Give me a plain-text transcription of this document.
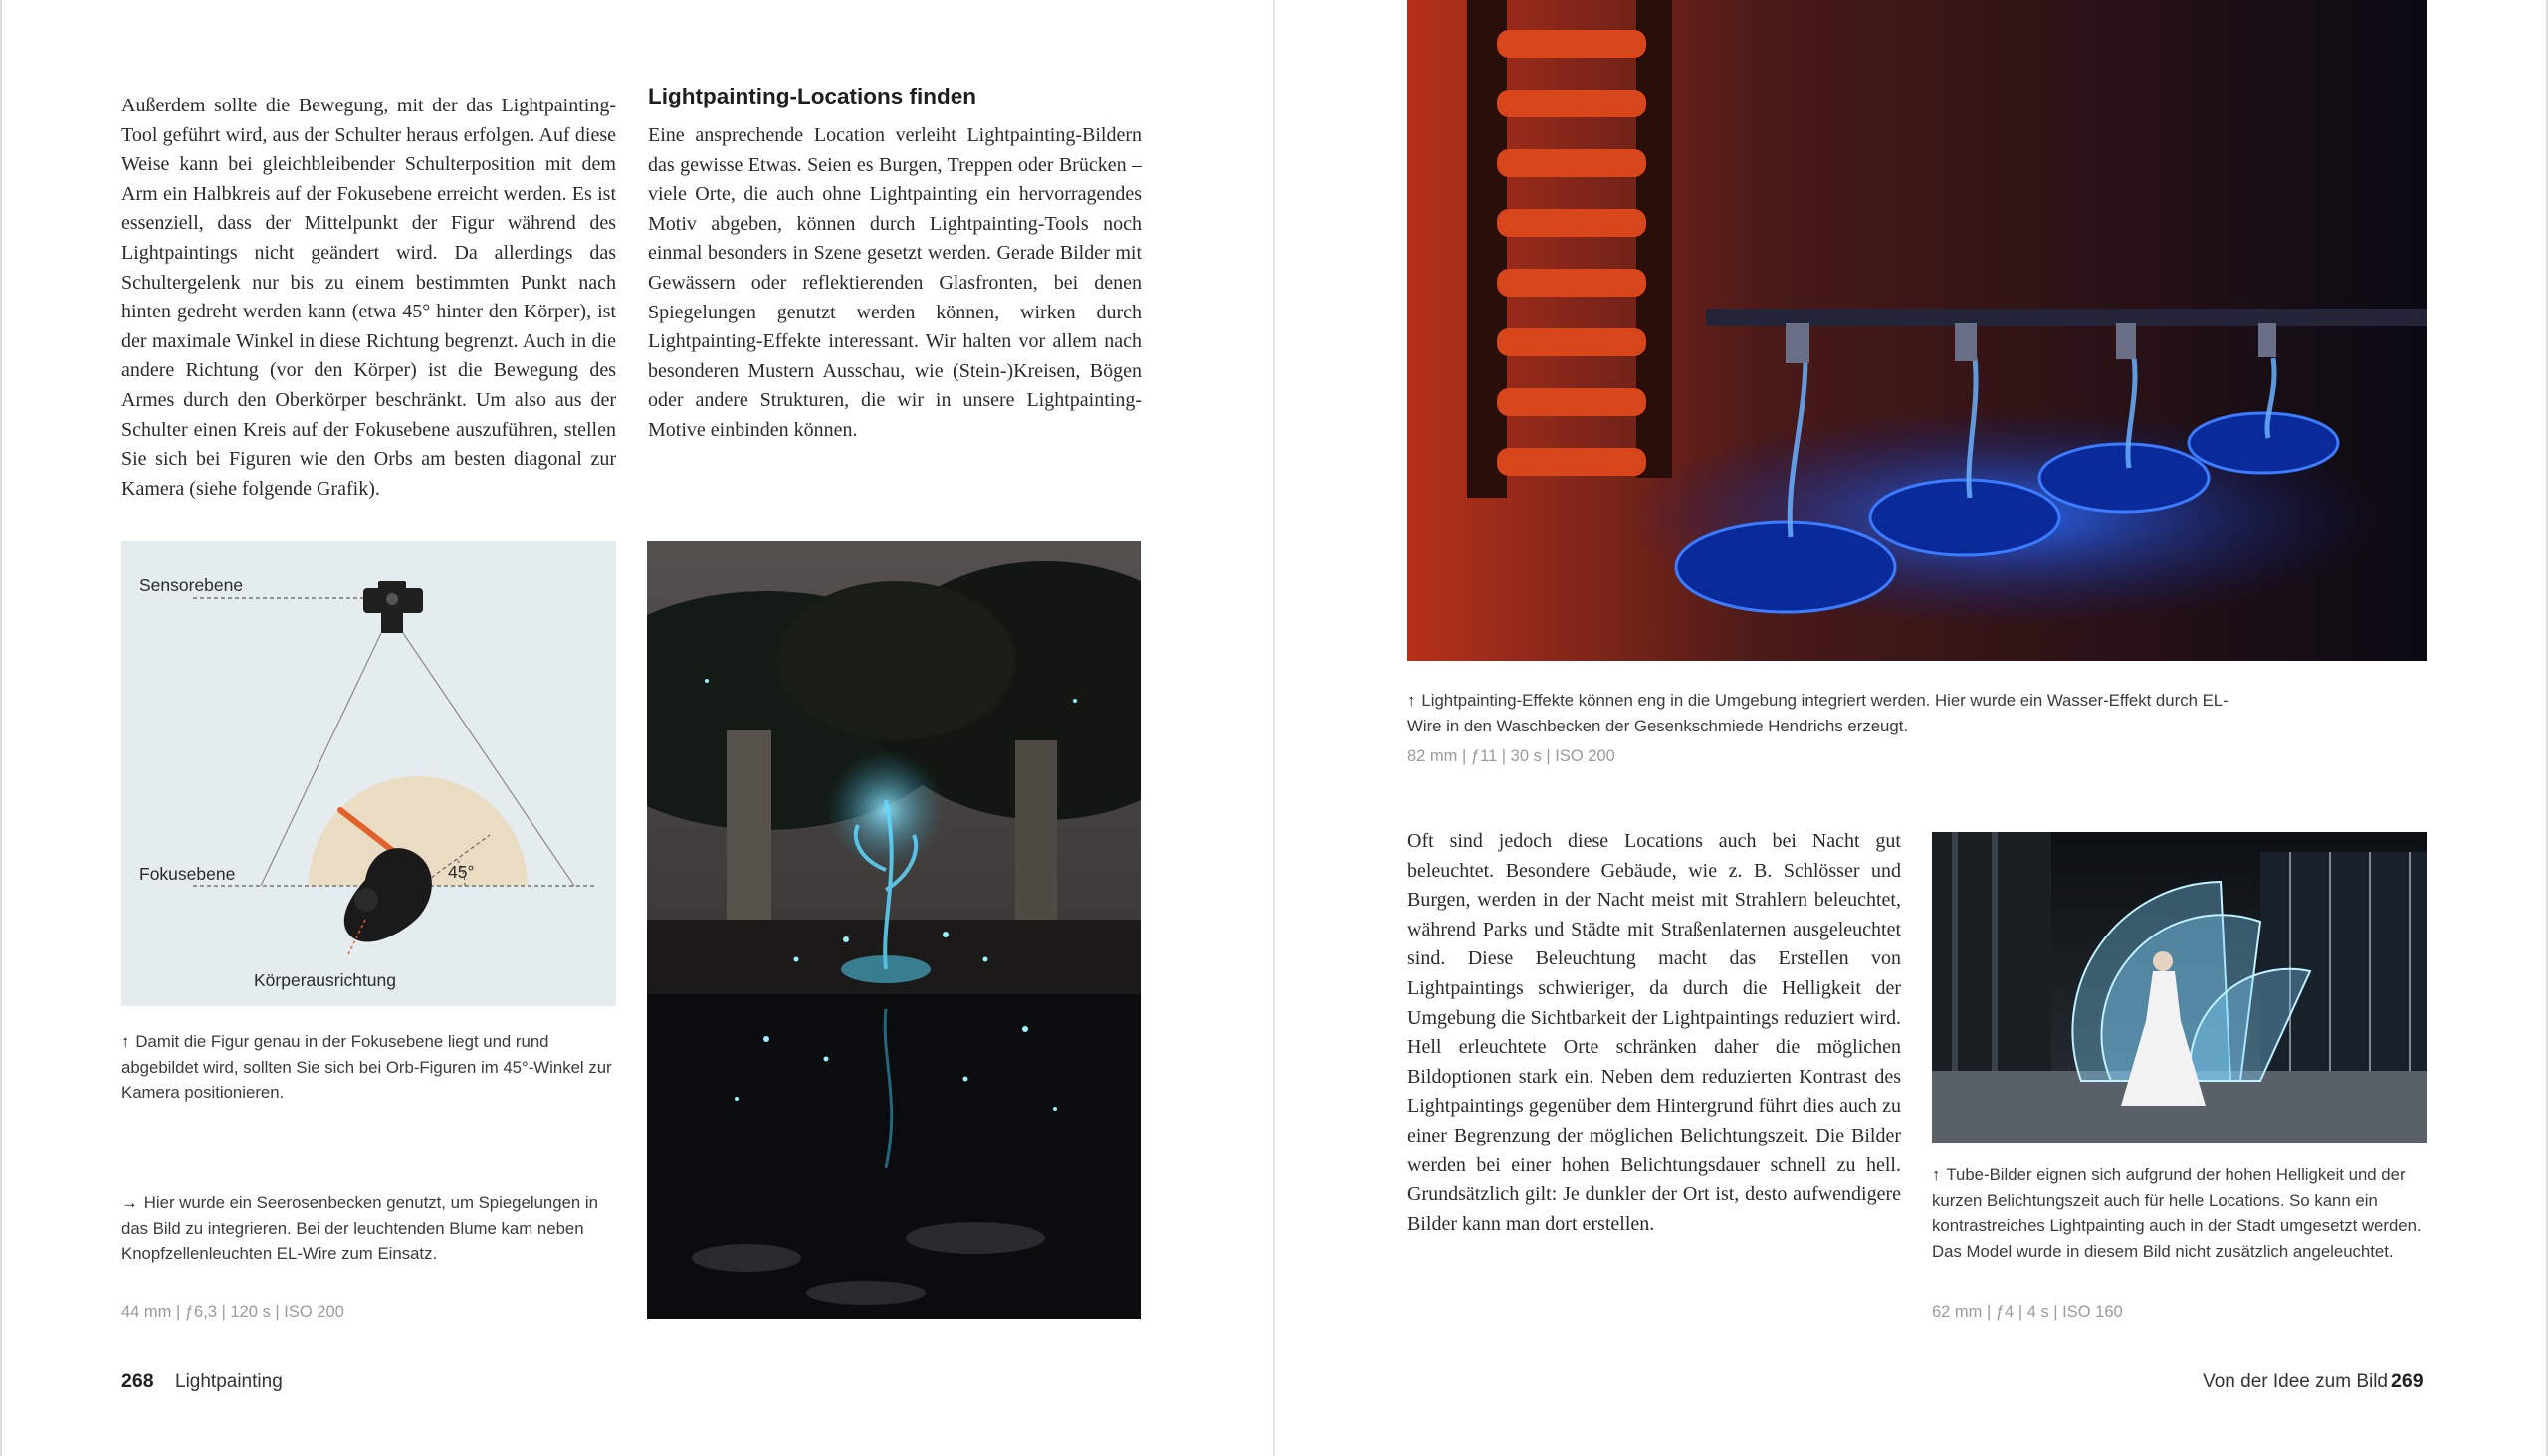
Außerdem sollte die Bewegung, mit der das Lightpainting-Tool geführt wird, aus der Schulter heraus erfolgen. Auf diese Weise kann bei gleichbleibender Schulterposition mit dem Arm ein Halbkreis auf der Fokusebene erreicht werden. Es ist essenziell, dass der Mittelpunkt der Figur während des Lightpaintings nicht geändert wird. Da allerdings das Schultergelenk nur bis zu einem bestimmten Punkt nach hinten gedreht werden kann (etwa 45° hinter den Körper), ist der maximale Winkel in diese Richtung begrenzt. Auch in die andere Richtung (vor den Körper) ist die Bewegung des Armes durch den Oberkörper beschränkt. Um also aus der Schulter einen Kreis auf der Fokusebene auszuführen, stellen Sie sich bei Figuren wie den Orbs am besten diagonal zur Kamera (siehe folgende Grafik).

Lightpainting-Locations finden

Eine ansprechende Location verleiht Lightpainting-Bildern das gewisse Etwas. Seien es Burgen, Treppen oder Brücken – viele Orte, die auch ohne Lightpainting ein hervorragendes Motiv abgeben, können durch Lightpainting-Tools noch einmal besonders in Szene gesetzt werden. Gerade Bilder mit Gewässern oder reflektierenden Glasfronten, bei denen Spiegelungen genutzt werden können, wirken durch Lightpainting-Effekte interessant. Wir halten vor allem nach besonderen Mustern Ausschau, wie (Stein-)Kreisen, Bögen oder andere Strukturen, die wir in unsere Lightpainting-Motive einbinden können.

Sensorebene
Fokusebene	45°
Körperausrichtung

↑ Damit die Figur genau in der Fokusebene liegt und rund abgebildet wird, sollten Sie sich bei Orb-Figuren im 45°-Winkel zur Kamera positionieren.

→ Hier wurde ein Seerosenbecken genutzt, um Spiegelungen in das Bild zu integrieren. Bei der leuchtenden Blume kam neben Knopfzellenleuchten EL-Wire zum Einsatz.

44 mm | ƒ6,3 | 120 s | ISO 200

268 Lightpainting

↑ Lightpainting-Effekte können eng in die Umgebung integriert werden. Hier wurde ein Wasser-Effekt durch EL-Wire in den Waschbecken der Gesenkschmiede Hendrichs erzeugt.

82 mm | ƒ11 | 30 s | ISO 200

Oft sind jedoch diese Locations auch bei Nacht gut beleuchtet. Besondere Gebäude, wie z. B. Schlösser und Burgen, werden in der Nacht meist mit Strahlern beleuchtet, während Parks und Städte mit Straßenlaternen ausgeleuchtet sind. Diese Beleuchtung macht das Erstellen von Lightpaintings schwieriger, da durch die Helligkeit der Umgebung die Sichtbarkeit der Lightpaintings reduziert wird. Hell erleuchtete Orte schränken daher die möglichen Bildoptionen stark ein. Neben dem reduzierten Kontrast des Lightpaintings gegenüber dem Hintergrund führt dies auch zu einer Begrenzung der möglichen Belichtungszeit. Die Bilder werden bei einer hohen Belichtungsdauer schnell zu hell. Grundsätzlich gilt: Je dunkler der Ort ist, desto aufwendigere Bilder kann man dort erstellen.

↑ Tube-Bilder eignen sich aufgrund der hohen Helligkeit und der kurzen Belichtungszeit auch für helle Locations. So kann ein kontrastreiches Lightpainting auch in der Stadt umgesetzt werden. Das Model wurde in diesem Bild nicht zusätzlich angeleuchtet.

62 mm | ƒ4 | 4 s | ISO 160

Von der Idee zum Bild 269
